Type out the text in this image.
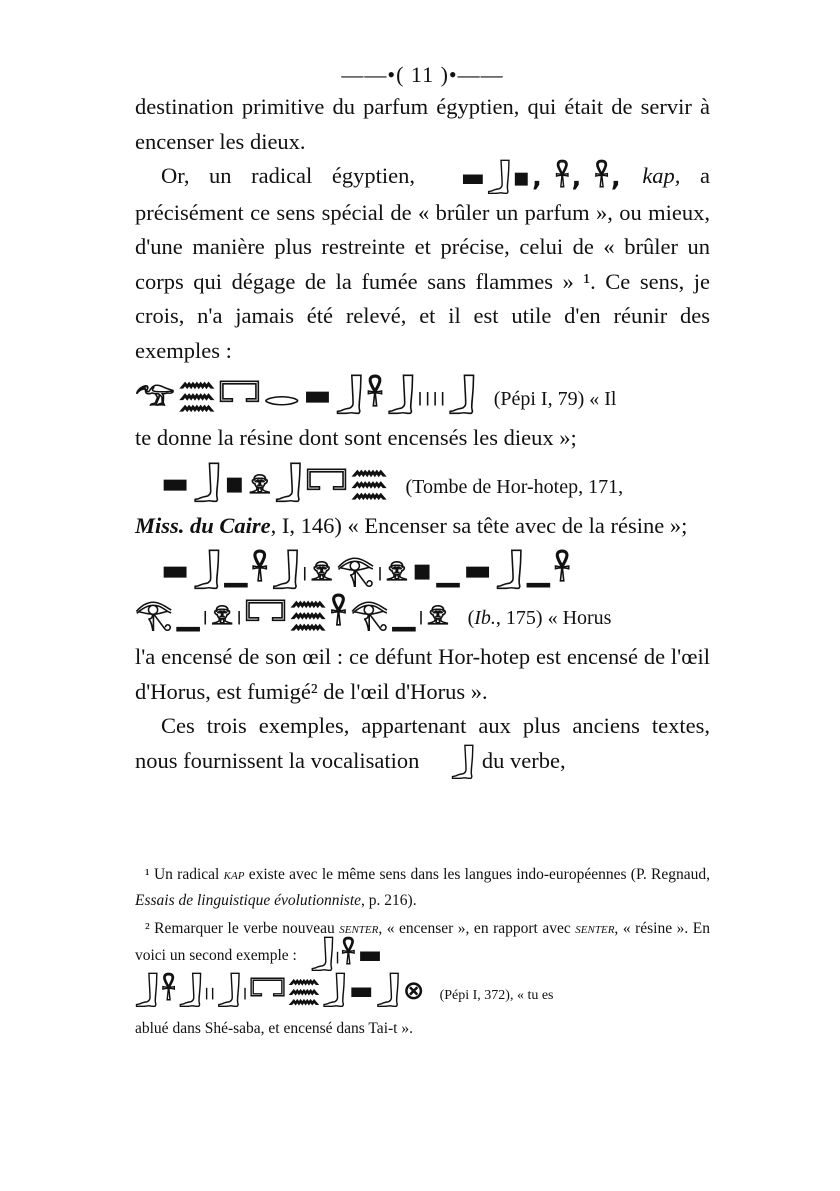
——•( 11 )•——

destination primitive du parfum égyptien, qui était de servir à encenser les dieux.

Or, un radical égyptien, ▬𓃀▪, 𓋹, 𓋹, kap, a précisément ce sens spécial de « brûler un parfum », ou mieux, d'une manière plus restreinte et précise, celui de « brûler un corps qui dégage de la fumée sans flammes » ¹. Ce sens, je crois, n'a jamais été relevé, et il est utile d'en réunir des exemples :

𓅠𓈗𓉐𓂋▬𓃀𓋹𓃀𓏺𓏺𓏺𓏺𓃀 (Pépi I, 79) « Il

te donne la résine dont sont encensés les dieux »;

▬𓃀▪𓁷𓃀𓉐𓈗 (Tombe de Hor-hotep, 171,

Miss. du Caire, I, 146) « Encenser sa tête avec de la résine »;

▬𓃀▁𓋹𓃀𓏺𓁷𓂀𓏺𓁷▪▁▬𓃀▁𓋹
𓂀▁𓏺𓁷𓏺𓉐𓈗𓋹𓂀▁𓏺𓁷 (Ib., 175) « Horus

l'a encensé de son œil : ce défunt Hor-hotep est encensé de l'œil d'Horus, est fumigé² de l'œil d'Horus ».

Ces trois exemples, appartenant aux plus anciens textes, nous fournissent la vocalisation 𓃀 du verbe,

¹ Un radical kap existe avec le même sens dans les langues indo-européennes (P. Regnaud, Essais de linguistique évolutionniste, p. 216).

² Remarquer le verbe nouveau senter, « encenser », en rapport avec senter, « résine ». En voici un second exemple : 𓃀𓏺𓋹▬

𓃀𓋹𓃀𓏺𓏺𓃀𓏺𓉐𓈗𓃀▬𓃀⊗ (Pépi I, 372), « tu es

ablué dans Shé-saba, et encensé dans Tai-t ».
